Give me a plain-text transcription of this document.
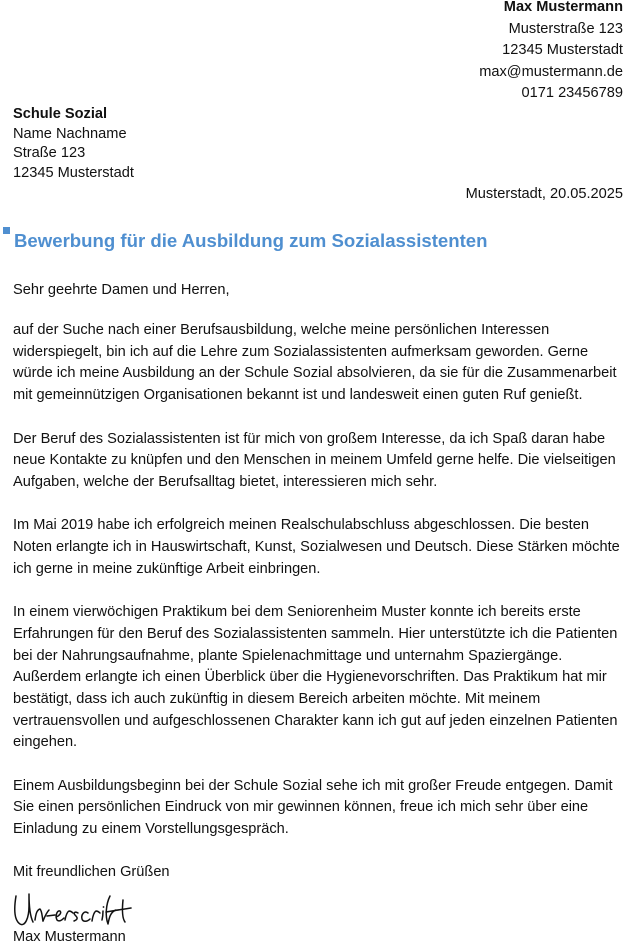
Max Mustermann
Musterstraße 123
12345 Musterstadt
max@mustermann.de
0171 23456789
Schule Sozial
Name Nachname
Straße 123
12345 Musterstadt
Musterstadt, 20.05.2025
Bewerbung für die Ausbildung zum Sozialassistenten
Sehr geehrte Damen und Herren,

auf der Suche nach einer Berufsausbildung, welche meine persönlichen Interessen widerspiegelt, bin ich auf die Lehre zum Sozialassistenten aufmerksam geworden. Gerne würde ich meine Ausbildung an der Schule Sozial absolvieren, da sie für die Zusammenarbeit mit gemeinnützigen Organisationen bekannt ist und landesweit einen guten Ruf genießt.

Der Beruf des Sozialassistenten ist für mich von großem Interesse, da ich Spaß daran habe neue Kontakte zu knüpfen und den Menschen in meinem Umfeld gerne helfe. Die vielseitigen Aufgaben, welche der Berufsalltag bietet, interessieren mich sehr.

Im Mai 2019 habe ich erfolgreich meinen Realschulabschluss abgeschlossen. Die besten Noten erlangte ich in Hauswirtschaft, Kunst, Sozialwesen und Deutsch. Diese Stärken möchte ich gerne in meine zukünftige Arbeit einbringen.

In einem vierwöchigen Praktikum bei dem Seniorenheim Muster konnte ich bereits erste Erfahrungen für den Beruf des Sozialassistenten sammeln. Hier unterstützte ich die Patienten bei der Nahrungsaufnahme, plante Spielenachmittage und unternahm Spaziergänge. Außerdem erlangte ich einen Überblick über die Hygienevorschriften. Das Praktikum hat mir bestätigt, dass ich auch zukünftig in diesem Bereich arbeiten möchte. Mit meinem vertrauensvollen und aufgeschlossenen Charakter kann ich gut auf jeden einzelnen Patienten eingehen.

Einem Ausbildungsbeginn bei der Schule Sozial sehe ich mit großer Freude entgegen. Damit Sie einen persönlichen Eindruck von mir gewinnen können, freue ich mich sehr über eine Einladung zu einem Vorstellungsgespräch.

Mit freundlichen Grüßen
Max Mustermann
